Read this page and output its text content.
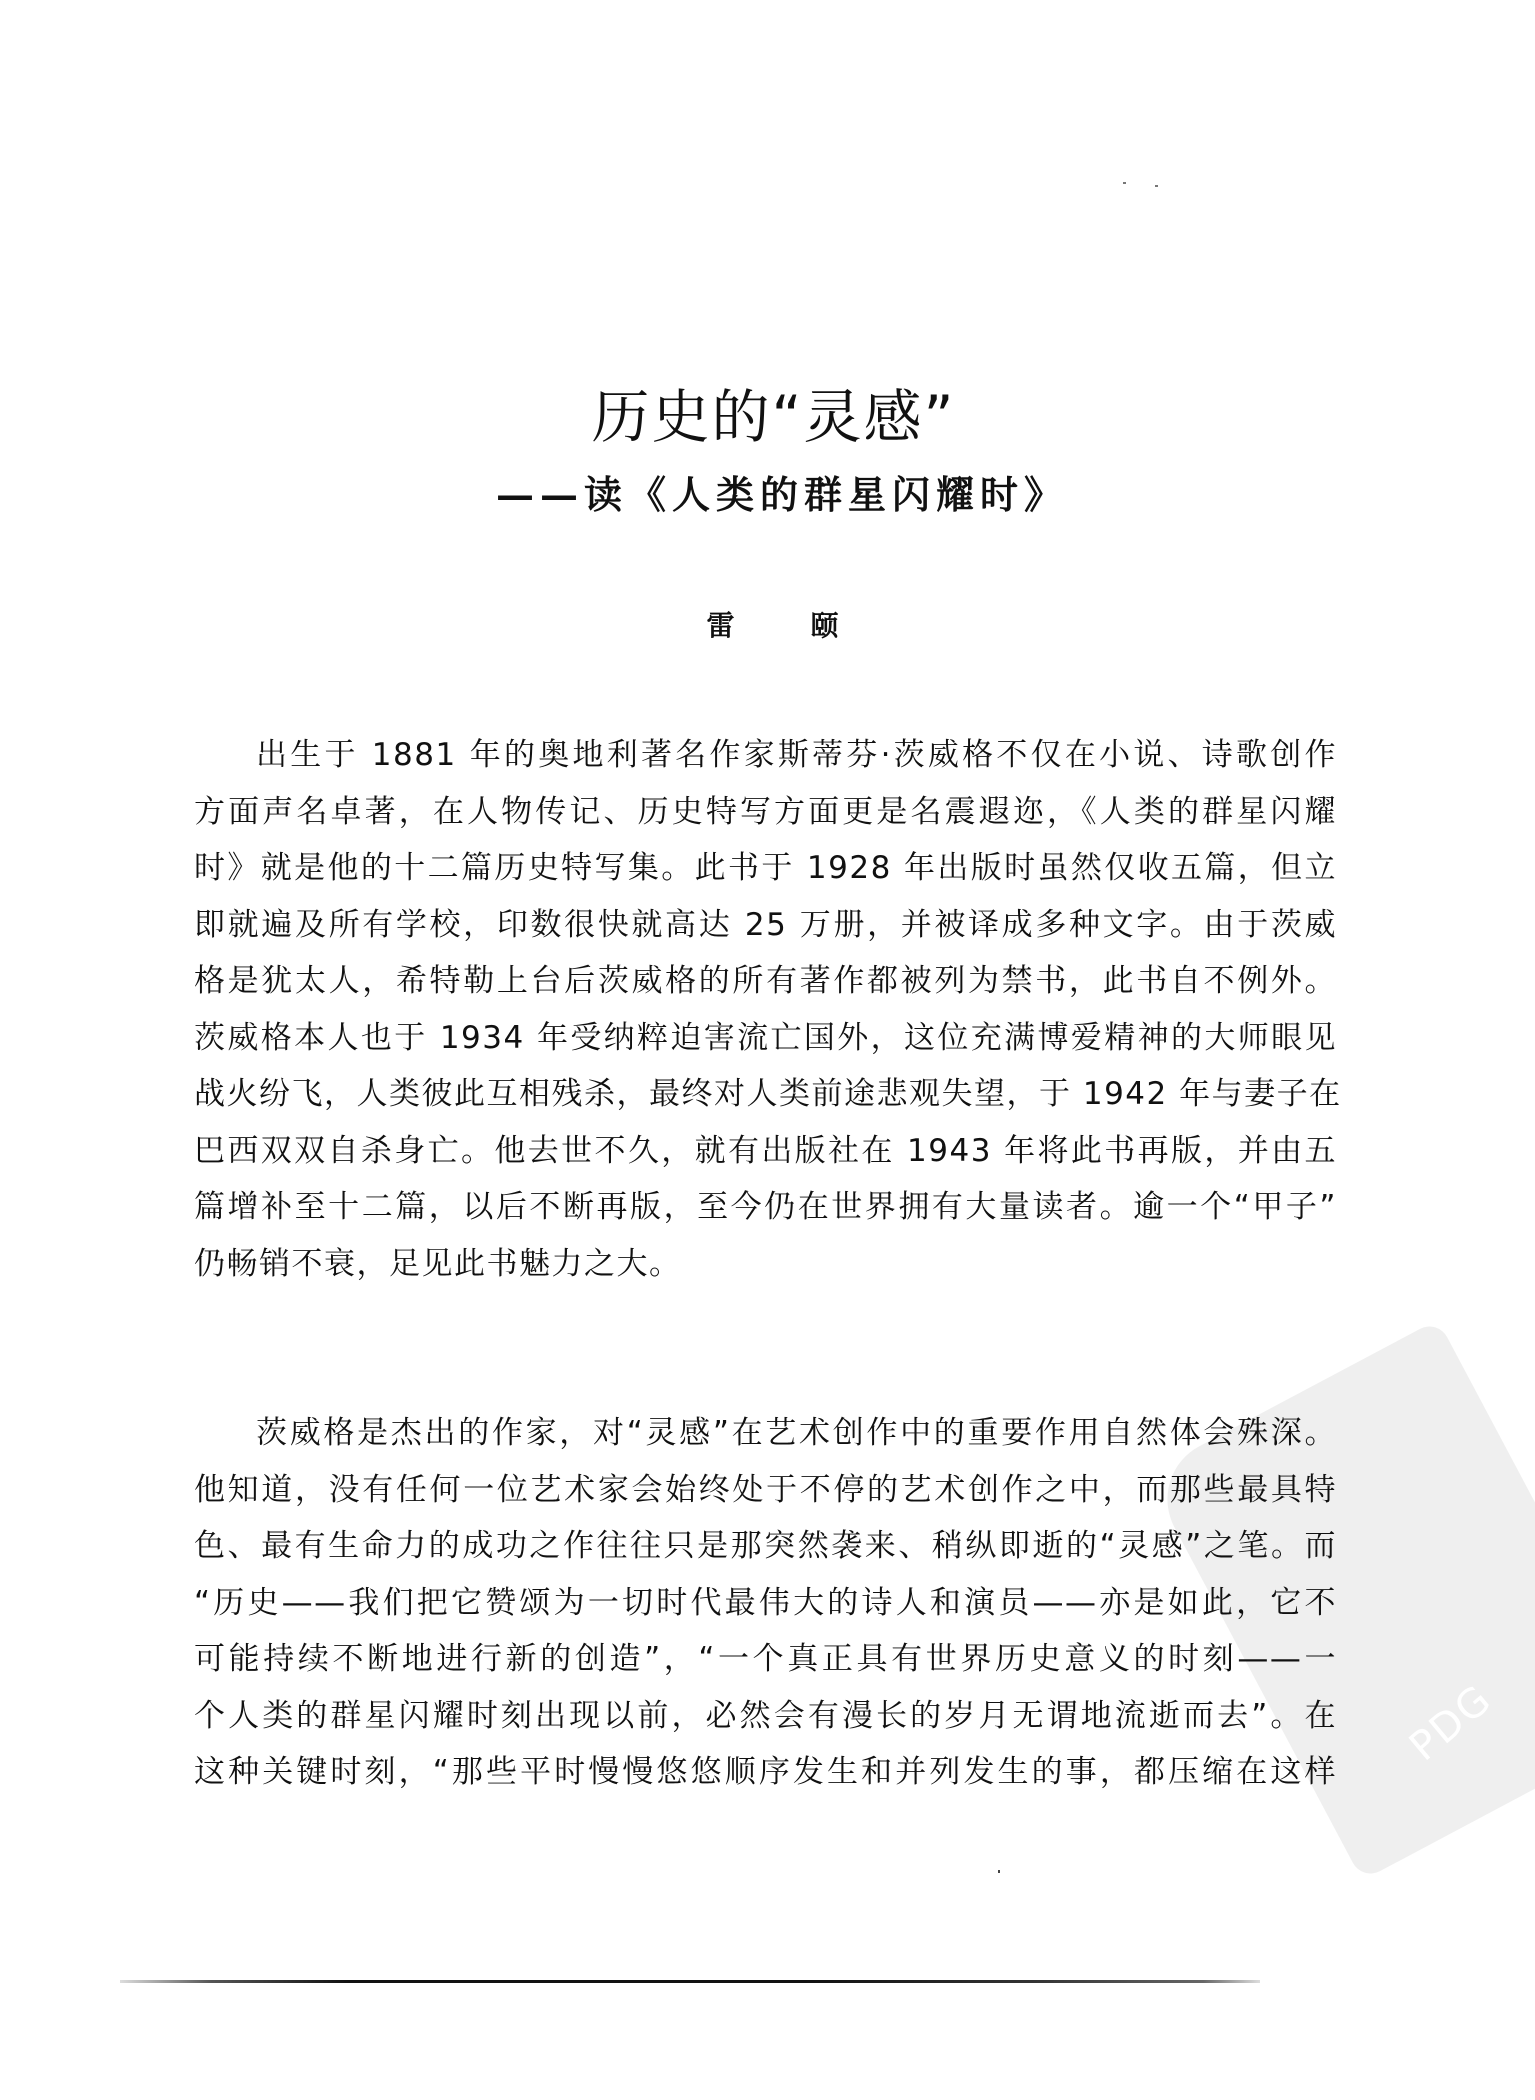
PDG
历史的“灵感”
——读《人类的群星闪耀时》
雷	颐
出生于 1881 年的奥地利著名作家斯蒂芬·茨威格不仅在小说、诗歌创作
方面声名卓著，在人物传记、历史特写方面更是名震遐迩，《人类的群星闪耀
时》就是他的十二篇历史特写集。此书于 1928 年出版时虽然仅收五篇，但立
即就遍及所有学校，印数很快就高达 25 万册，并被译成多种文字。由于茨威
格是犹太人，希特勒上台后茨威格的所有著作都被列为禁书，此书自不例外。
茨威格本人也于 1934 年受纳粹迫害流亡国外，这位充满博爱精神的大师眼见
战火纷飞，人类彼此互相残杀，最终对人类前途悲观失望，于 1942 年与妻子在
巴西双双自杀身亡。他去世不久，就有出版社在 1943 年将此书再版，并由五
篇增补至十二篇，以后不断再版，至今仍在世界拥有大量读者。逾一个“甲子”
仍畅销不衰，足见此书魅力之大。
茨威格是杰出的作家，对“灵感”在艺术创作中的重要作用自然体会殊深。
他知道，没有任何一位艺术家会始终处于不停的艺术创作之中，而那些最具特
色、最有生命力的成功之作往往只是那突然袭来、稍纵即逝的“灵感”之笔。而
“历史——我们把它赞颂为一切时代最伟大的诗人和演员——亦是如此，它不
可能持续不断地进行新的创造”，“一个真正具有世界历史意义的时刻——一
个人类的群星闪耀时刻出现以前，必然会有漫长的岁月无谓地流逝而去”。在
这种关键时刻，“那些平时慢慢悠悠顺序发生和并列发生的事，都压缩在这样
